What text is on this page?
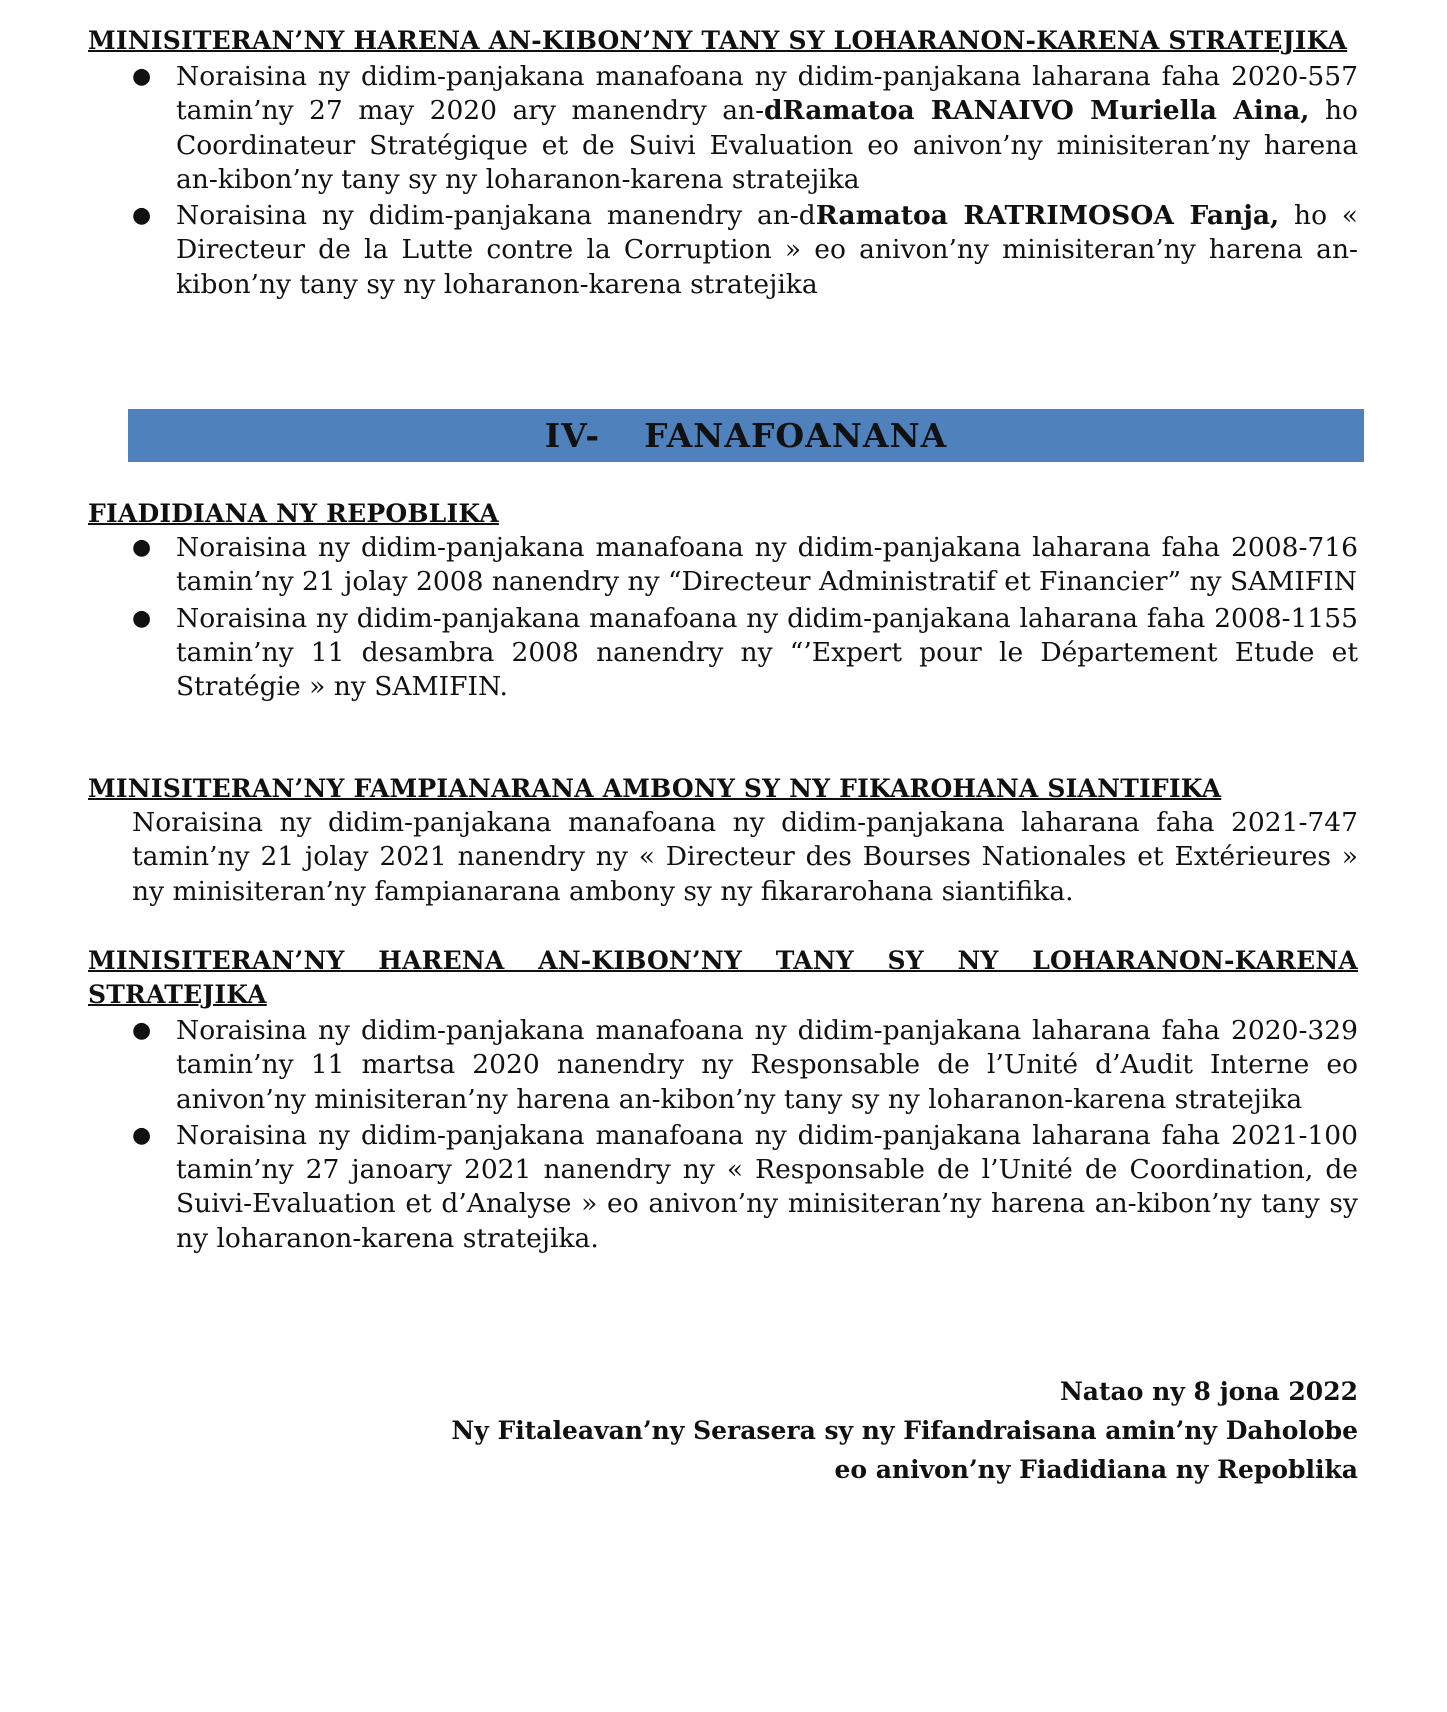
MINISITERAN’NY HARENA AN-KIBON’NY TANY SY LOHARANON-KARENA STRATEJIKA

● Noraisina ny didim-panjakana manafoana ny didim-panjakana laharana faha 2020-557 tamin’ny 27 may 2020 ary manendry an-dRamatoa RANAIVO Muriella Aina, ho Coordinateur Stratégique et de Suivi Evaluation eo anivon’ny minisiteran’ny harena an-kibon’ny tany sy ny loharanon-karena stratejika
● Noraisina ny didim-panjakana manendry an-dRamatoa RATRIMOSOA Fanja, ho « Directeur de la Lutte contre la Corruption » eo anivon’ny minisiteran’ny harena an-kibon’ny tany sy ny loharanon-karena stratejika

FIADIDIANA NY REPOBLIKA

● Noraisina ny didim-panjakana manafoana ny didim-panjakana laharana faha 2008-716 tamin’ny 21 jolay 2008 nanendry ny “Directeur Administratif et Financier” ny SAMIFIN
● Noraisina ny didim-panjakana manafoana ny didim-panjakana laharana faha 2008-1155 tamin’ny 11 desambra 2008 nanendry ny “’Expert pour le Département Etude et Stratégie » ny SAMIFIN.

MINISITERAN’NY FAMPIANARANA AMBONY SY NY FIKAROHANA SIANTIFIKA

Noraisina ny didim-panjakana manafoana ny didim-panjakana laharana faha 2021-747 tamin’ny 21 jolay 2021 nanendry ny « Directeur des Bourses Nationales et Extérieures » ny minisiteran’ny fampianarana ambony sy ny fikararohana siantifika.

MINISITERAN’NY HARENA AN-KIBON’NY TANY SY NY LOHARANON-KARENA STRATEJIKA

● Noraisina ny didim-panjakana manafoana ny didim-panjakana laharana faha 2020-329 tamin’ny 11 martsa 2020 nanendry ny Responsable de l’Unité d’Audit Interne eo anivon’ny minisiteran’ny harena an-kibon’ny tany sy ny loharanon-karena stratejika
● Noraisina ny didim-panjakana manafoana ny didim-panjakana laharana faha 2021-100 tamin’ny 27 janoary 2021 nanendry ny « Responsable de l’Unité de Coordination, de Suivi-Evaluation et d’Analyse » eo anivon’ny minisiteran’ny harena an-kibon’ny tany sy ny loharanon-karena stratejika.
IV- FANAFOANANA
Natao ny 8 jona 2022
Ny Fitaleavan’ny Serasera sy ny Fifandraisana amin’ny Daholobe
eo anivon’ny Fiadidiana ny Repoblika
